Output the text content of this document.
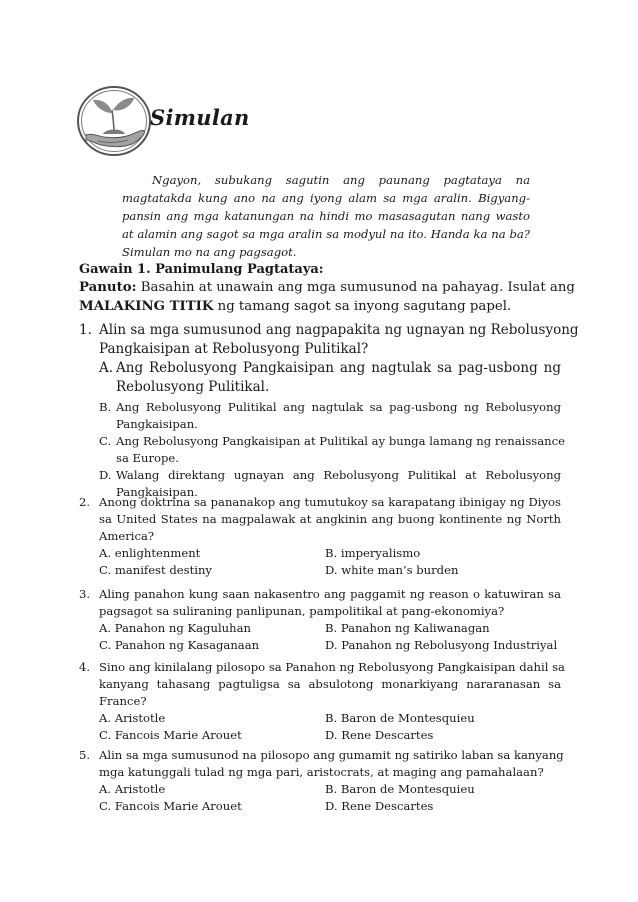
Simulan
Ngayon, subukang sagutin ang paunang pagtataya na
magtatakda kung ano na ang iyong alam sa mga aralin. Bigyang-
pansin ang mga katanungan na hindi mo masasagutan nang wasto
at alamin ang sagot sa mga aralin sa modyul na ito. Handa ka na ba?
Simulan mo na ang pagsagot.
Gawain 1. Panimulang Pagtataya:
Panuto: Basahin at unawain ang mga sumusunod na pahayag. Isulat ang
MALAKING TITIK ng tamang sagot sa inyong sagutang papel.
1. Alin sa mga sumusunod ang nagpapakita ng ugnayan ng Rebolusyong
Pangkaisipan at Rebolusyong Pulitikal?
A. Ang Rebolusyong Pangkaisipan ang nagtulak sa pag-usbong ng
Rebolusyong Pulitikal.
B. Ang Rebolusyong Pulitikal ang nagtulak sa pag-usbong ng Rebolusyong
Pangkaisipan.
C. Ang Rebolusyong Pangkaisipan at Pulitikal ay bunga lamang ng renaissance
sa Europe.
D. Walang direktang ugnayan ang Rebolusyong Pulitikal at Rebolusyong
Pangkaisipan.
2. Anong doktrina sa pananakop ang tumutukoy sa karapatang ibinigay ng Diyos
sa United States na magpalawak at angkinin ang buong kontinente ng North
America?
A. enlightenment	B. imperyalismo
C. manifest destiny	D. white man’s burden
3. Aling panahon kung saan nakasentro ang paggamit ng reason o katuwiran sa
pagsagot sa suliraning panlipunan, pampolitikal at pang-ekonomiya?
A. Panahon ng Kaguluhan	B. Panahon ng Kaliwanagan
C. Panahon ng Kasaganaan	D. Panahon ng Rebolusyong Industriyal
4. Sino ang kinilalang pilosopo sa Panahon ng Rebolusyong Pangkaisipan dahil sa
kanyang tahasang pagtuligsa sa absulotong monarkiyang nararanasan sa
France?
A. Aristotle	B. Baron de Montesquieu
C. Fancois Marie Arouet	D. Rene Descartes
5. Alin sa mga sumusunod na pilosopo ang gumamit ng satiriko laban sa kanyang
mga katunggali tulad ng mga pari, aristocrats, at maging ang pamahalaan?
A. Aristotle	B. Baron de Montesquieu
C. Fancois Marie Arouet	D. Rene Descartes
